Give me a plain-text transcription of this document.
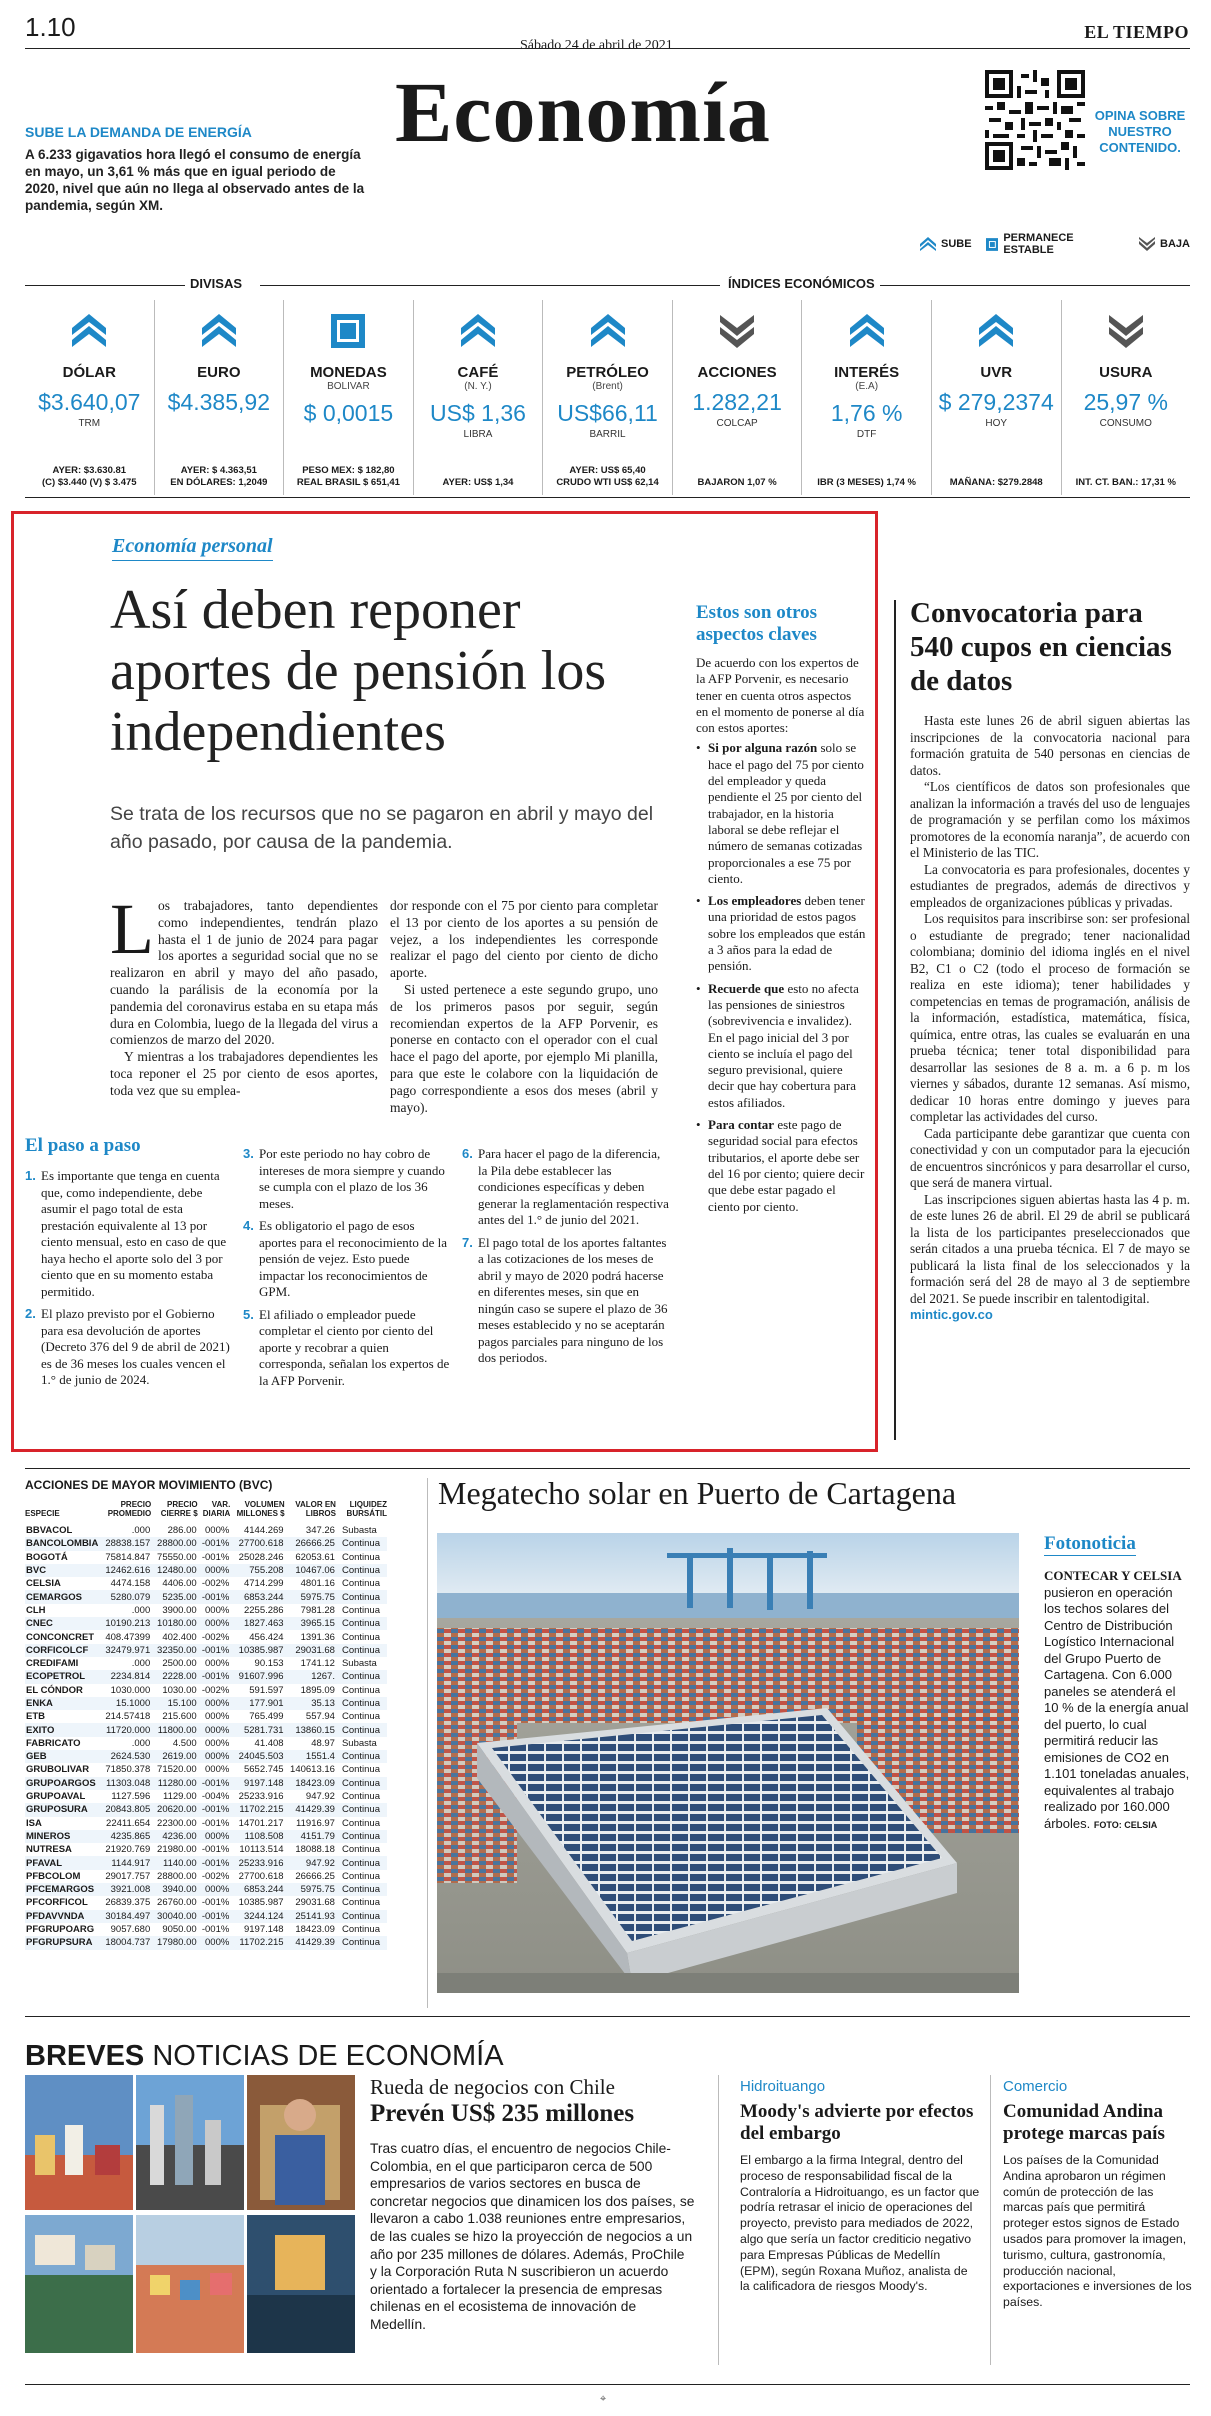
1.10
Sábado 24 de abril de 2021
EL TIEMPO
Economía
SUBE LA DEMANDA DE ENERGÍA
A 6.233 gigavatios hora llegó el consumo de energía en mayo, un 3,61 % más que en igual periodo de 2020, nivel que aún no llega al observado antes de la pandemia, según XM.
OPINA SOBRE NUESTRO CONTENIDO.
SUBE	PERMANECE ESTABLE	BAJA
DIVISAS	ÍNDICES ECONÓMICOS
DÓLAR
$3.640,07
TRM
AYER: $3.630.81
(C) $3.440 (V) $ 3.475
EURO
$4.385,92
AYER: $ 4.363,51
EN DÓLARES: 1,2049
MONEDAS
BOLIVAR
$ 0,0015
PESO MEX: $ 182,80
REAL BRASIL $ 651,41
CAFÉ
(N. Y.)
US$ 1,36
LIBRA
AYER: US$ 1,34
PETRÓLEO
(Brent)
US$66,11
BARRIL
AYER: US$ 65,40
CRUDO WTI US$ 62,14
ACCIONES
1.282,21
COLCAP
BAJARON 1,07 %
INTERÉS
(E.A)
1,76 %
DTF
IBR (3 MESES) 1,74 %
UVR
$ 279,2374
HOY
MAÑANA: $279.2848
USURA
25,97 %
CONSUMO
INT. CT. BAN.: 17,31 %
Economía personal
Así deben reponer aportes de pensión los independientes
Se trata de los recursos que no se pagaron en abril y mayo del año pasado, por causa de la pandemia.
L os trabajadores, tanto dependientes como independientes, tendrán plazo hasta el 1 de junio de 2024 para pagar los aportes a seguridad social que no se realizaron en abril y mayo del año pasado, cuando la parálisis de la economía por la pandemia del coronavirus estaba en su etapa más dura en Colombia, luego de la llegada del virus a comienzos de marzo del 2020.
Y mientras a los trabajadores dependientes les toca reponer el 25 por ciento de esos aportes, toda vez que su emplea-
dor responde con el 75 por ciento para completar el 13 por ciento de los aportes a su pensión de vejez, a los independientes les corresponde realizar el pago del ciento por ciento de dicho aporte.
Si usted pertenece a este segundo grupo, uno de los primeros pasos por seguir, según recomiendan expertos de la AFP Porvenir, es ponerse en contacto con el operador con el cual hace el pago del aporte, por ejemplo Mi planilla, para que este le colabore con la liquidación de pago correspondiente a esos dos meses (abril y mayo).
El paso a paso
1. Es importante que tenga en cuenta que, como independiente, debe asumir el pago total de esta prestación equivalente al 13 por ciento mensual, esto en caso de que haya hecho el aporte solo del 3 por ciento que en su momento estaba permitido.
2. El plazo previsto por el Gobierno para esa devolución de aportes (Decreto 376 del 9 de abril de 2021) es de 36 meses los cuales vencen el 1.° de junio de 2024.
3. Por este periodo no hay cobro de intereses de mora siempre y cuando se cumpla con el plazo de los 36 meses.
4. Es obligatorio el pago de esos aportes para el reconocimiento de la pensión de vejez. Esto puede impactar los reconocimientos de GPM.
5. El afiliado o empleador puede completar el ciento por ciento del aporte y recobrar a quien corresponda, señalan los expertos de la AFP Porvenir.
6. Para hacer el pago de la diferencia, la Pila debe establecer las condiciones específicas y deben generar la reglamentación respectiva antes del 1.° de junio del 2021.
7. El pago total de los aportes faltantes a las cotizaciones de los meses de abril y mayo de 2020 podrá hacerse en diferentes meses, sin que en ningún caso se supere el plazo de 36 meses establecido y no se aceptarán pagos parciales para ninguno de los dos periodos.
Estos son otros aspectos claves
De acuerdo con los expertos de la AFP Porvenir, es necesario tener en cuenta otros aspectos en el momento de ponerse al día con estos aportes:
• Si por alguna razón solo se hace el pago del 75 por ciento del empleador y queda pendiente el 25 por ciento del trabajador, en la historia laboral se debe reflejar el número de semanas cotizadas proporcionales a ese 75 por ciento.
• Los empleadores deben tener una prioridad de estos pagos sobre los empleados que están a 3 años para la edad de pensión.
• Recuerde que esto no afecta las pensiones de siniestros (sobrevivencia e invalidez). En el pago inicial del 3 por ciento se incluía el pago del seguro previsional, quiere decir que hay cobertura para estos afiliados.
• Para contar este pago de seguridad social para efectos tributarios, el aporte debe ser del 16 por ciento; quiere decir que debe estar pagado el ciento por ciento.
Convocatoria para 540 cupos en ciencias de datos

Hasta este lunes 26 de abril siguen abiertas las inscripciones de la convocatoria nacional para formación gratuita de 540 personas en ciencias de datos.

“Los científicos de datos son profesionales que analizan la información a través del uso de lenguajes de programación y se perfilan como los máximos promotores de la economía naranja”, de acuerdo con el Ministerio de las TIC.

La convocatoria es para profesionales, docentes y estudiantes de pregrados, además de directivos y empleados de organizaciones públicas y privadas.

Los requisitos para inscribirse son: ser profesional o estudiante de pregrado; tener nacionalidad colombiana; dominio del idioma inglés en el nivel B2, C1 o C2 (todo el proceso de formación se realiza en este idioma); tener habilidades y competencias en temas de programación, análisis de la información, estadística, matemática, física, química, entre otras, las cuales se evaluarán en una prueba técnica; tener total disponibilidad para desarrollar las sesiones de 8 a. m. a 6 p. m los viernes y sábados, durante 12 semanas. Así mismo, dedicar 10 horas entre domingo y jueves para completar las actividades del curso.

Cada participante debe garantizar que cuenta con conectividad y con un computador para la ejecución de encuentros sincrónicos y para desarrollar el curso, que será de manera virtual.

Las inscripciones siguen abiertas hasta las 4 p. m. de este lunes 26 de abril. El 29 de abril se publicará la lista de los participantes preseleccionados que serán citados a una prueba técnica. El 7 de mayo se publicará la lista final de los seleccionados y la formación será del 28 de mayo al 3 de septiembre del 2021. Se puede inscribir en talentodigital.

mintic.gov.co
ACCIONES DE MAYOR MOVIMIENTO (BVC)
ESPECIE	PRECIO PROMEDIO	PRECIO CIERRE $	VAR. DIARIA	VOLUMEN MILLONES $	VALOR EN LIBROS	LIQUIDEZ BURSÁTIL
BBVACOL	.000	286.00	000%	4144.269	347.26	Subasta
BANCOLOMBIA	28838.157	28800.00	-001%	27700.618	26666.25	Continua
BOGOTÁ	75814.847	75550.00	-001%	25028.246	62053.61	Continua
BVC	12462.616	12480.00	000%	755.208	10467.06	Continua
CELSIA	4474.158	4406.00	-002%	4714.299	4801.16	Continua
CEMARGOS	5280.079	5235.00	-001%	6853.244	5975.75	Continua
CLH	.000	3900.00	000%	2255.286	7981.28	Continua
CNEC	10190.213	10180.00	000%	1827.463	3965.15	Continua
CONCONCRET	408.47399	402.400	-002%	456.424	1391.36	Continua
CORFICOLCF	32479.971	32350.00	-001%	10385.987	29031.68	Continua
CREDIFAMI	.000	2500.00	000%	90.153	1741.12	Subasta
ECOPETROL	2234.814	2228.00	-001%	91607.996	1267.	Continua
EL CÓNDOR	1030.000	1030.00	-002%	591.597	1895.09	Continua
ENKA	15.1000	15.100	000%	177.901	35.13	Continua
ETB	214.57418	215.600	000%	765.499	557.94	Continua
EXITO	11720.000	11800.00	000%	5281.731	13860.15	Continua
FABRICATO	.000	4.500	000%	41.408	48.97	Subasta
GEB	2624.530	2619.00	000%	24045.503	1551.4	Continua
GRUBOLIVAR	71850.378	71520.00	000%	5652.745	140613.16	Continua
GRUPOARGOS	11303.048	11280.00	-001%	9197.148	18423.09	Continua
GRUPOAVAL	1127.596	1129.00	-004%	25233.916	947.92	Continua
GRUPOSURA	20843.805	20620.00	-001%	11702.215	41429.39	Continua
ISA	22411.654	22300.00	-001%	14701.217	11916.97	Continua
MINEROS	4235.865	4236.00	000%	1108.508	4151.79	Continua
NUTRESA	21920.769	21980.00	-001%	10113.514	18088.18	Continua
PFAVAL	1144.917	1140.00	-001%	25233.916	947.92	Continua
PFBCOLOM	29017.757	28800.00	-002%	27700.618	26666.25	Continua
PFCEMARGOS	3921.008	3940.00	000%	6853.244	5975.75	Continua
PFCORFICOL	26839.375	26760.00	-001%	10385.987	29031.68	Continua
PFDAVVNDA	30184.497	30040.00	-001%	3244.124	25141.93	Continua
PFGRUPOARG	9057.680	9050.00	-001%	9197.148	18423.09	Continua
PFGRUPSURA	18004.737	17980.00	000%	11702.215	41429.39	Continua
Megatecho solar en Puerto de Cartagena
Fotonoticia
CONTECAR Y CELSIA pusieron en operación los techos solares del Centro de Distribución Logístico Internacional del Grupo Puerto de Cartagena. Con 6.000 paneles se atenderá el 10 % de la energía anual del puerto, lo cual permitirá reducir las emisiones de CO2 en 1.101 toneladas anuales, equivalentes al trabajo realizado por 160.000 árboles. FOTO: CELSIA
BREVES NOTICIAS DE ECONOMÍA
Rueda de negocios con Chile
Prevén US$ 235 millones
Tras cuatro días, el encuentro de negocios Chile-Colombia, en el que participaron cerca de 500 empresarios de varios sectores en busca de concretar negocios que dinamicen los dos países, se llevaron a cabo 1.038 reuniones entre empresarios, de las cuales se hizo la proyección de negocios a un año por 235 millones de dólares. Además, ProChile y la Corporación Ruta N suscribieron un acuerdo orientado a fortalecer la presencia de empresas chilenas en el ecosistema de innovación de Medellín.
Hidroituango
Moody's advierte por efectos del embargo
El embargo a la firma Integral, dentro del proceso de responsabilidad fiscal de la Contraloría a Hidroituango, es un factor que podría retrasar el inicio de operaciones del proyecto, previsto para mediados de 2022, algo que sería un factor crediticio negativo para Empresas Públicas de Medellín (EPM), según Roxana Muñoz, analista de la calificadora de riesgos Moody's.
Comercio
Comunidad Andina protege marcas país
Los países de la Comunidad Andina aprobaron un régimen común de protección de las marcas país que permitirá proteger estos signos de Estado usados para promover la imagen, turismo, cultura, gastronomía, producción nacional, exportaciones e inversiones de los países.
⌖
